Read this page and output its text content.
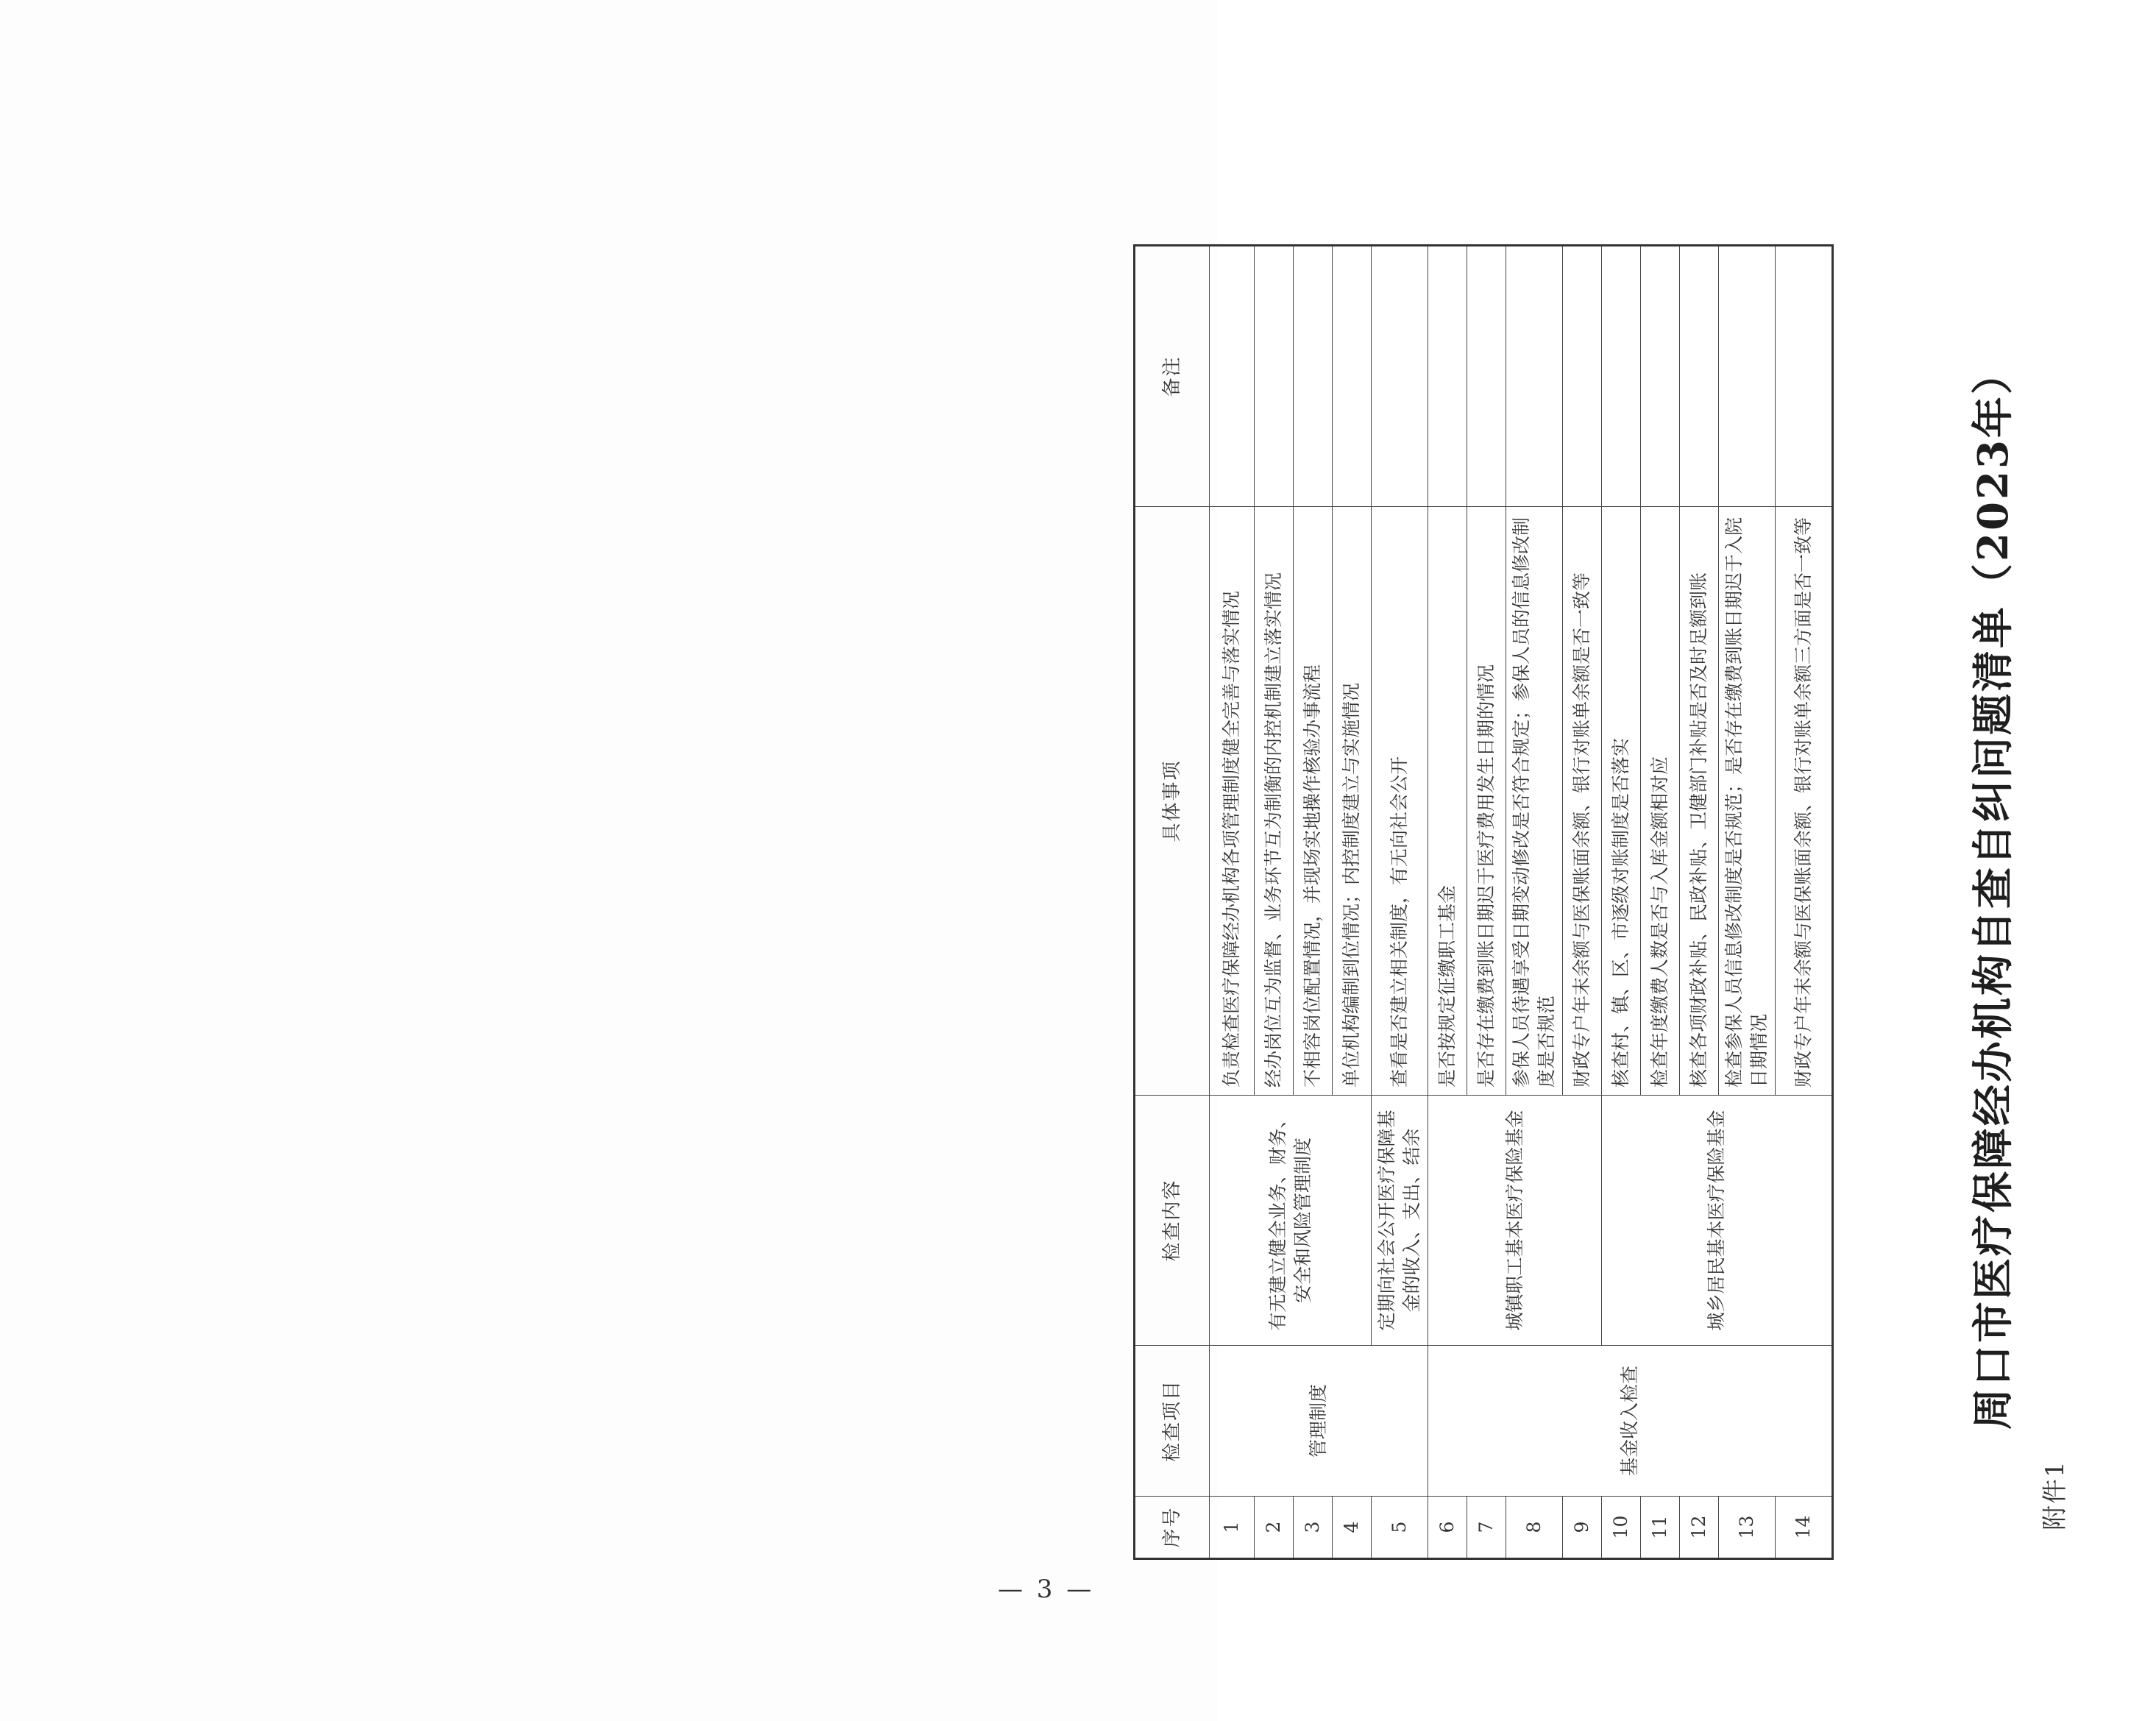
附件1
周口市医疗保障经办机构自查自纠问题清单（2023年）
序号	检查项目	检查内容	具体事项	备注
1	管理制度	有无建立健全业务、财务、安全和风险管理制度	负责检查医疗保障经办机构各项管理制度健全完善与落实情况	
2			经办岗位互为监督、业务环节互为制衡的内控机制建立落实情况	
3			不相容岗位配置情况，并现场实地操作核验办事流程	
4			单位机构编制到位情况；内控制度建立与实施情况	
5		定期向社会公开医疗保障基金的收入、支出、结余	查看是否建立相关制度，有无向社会公开	
6	基金收入检查	城镇职工基本医疗保险基金	是否按规定征缴职工基金	
7			是否存在缴费到账日期迟于医疗费用发生日期的情况	
8			参保人员待遇享受日期变动修改是否符合规定；参保人员的信息修改制度是否规范	
9			财政专户年末余额与医保账面余额、银行对账单余额是否一致等	
10		城乡居民基本医疗保险基金	核查村、镇、区、市逐级对账制度是否落实	
11			检查年度缴费人数是否与入库金额相对应	
12			核查各项财政补贴、民政补贴、卫健部门补贴是否及时足额到账	
13			检查参保人员信息修改制度是否规范；是否存在缴费到账日期迟于入院日期情况	
14			财政专户年末余额与医保账面余额、银行对账单余额三方面是否一致等	
— 3 —
